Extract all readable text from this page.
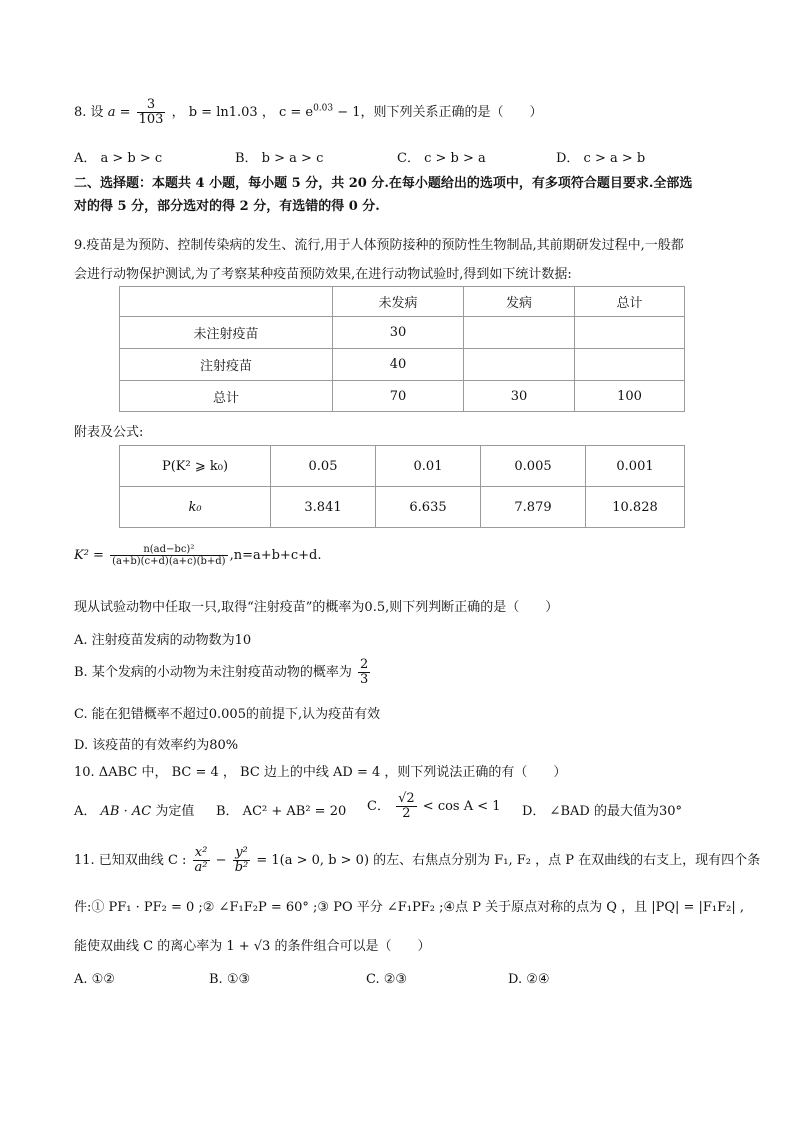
8. 设 $a = \frac{3}{103}$ ， b = ln1.03 ， $c = e^{0.03} - 1$，则下列关系正确的是（　　）
A． a > b > c	B． b > a > c	C． c > b > a	D． c > a > b
二、选择题：本题共 4 小题，每小题 5 分，共 20 分.在每小题给出的选项中，有多项符合题目要求.全部选
对的得 5 分，部分选对的得 2 分，有选错的得 0 分.
9.疫苗是为预防、控制传染病的发生、流行,用于人体预防接种的预防性生物制品,其前期研发过程中,一般都
会进行动物保护测试,为了考察某种疫苗预防效果,在进行动物试验时,得到如下统计数据:
	未发病	发病	总计
未注射疫苗	30		
注射疫苗	40		
总计	70	30	100
附表及公式:
P(K² ⩾ k₀)	0.05	0.01	0.005	0.001
k₀	3.841	6.635	7.879	10.828
$K^2 = \frac{\text{n(ad−bc)²}}{(a+b)(c+d)(a+c)(b+d)} ,n=a+b+c+d$.
现从试验动物中任取一只,取得“注射疫苗”的概率为0.5,则下列判断正确的是（　　）
A. 注射疫苗发病的动物数为10
B. 某个发病的小动物为未注射疫苗动物的概率为 $\frac{2}{3}$
C. 能在犯错概率不超过0.005的前提下,认为疫苗有效
D. 该疫苗的有效率约为80%
10. ΔABC 中， BC = 4 ， BC 边上的中线 AD = 4 ，则下列说法正确的有（　　）
A． AB · AC 为定值 B． AC² + AB² = 20 C． $\frac{√2}{2} < \cos A < 1$ D． ∠BAD 的最大值为30°
11. 已知双曲线 C : $\frac{\text{x²}}{\text{a²}} - \frac{\text{y²}}{\text{b²}} = 1(a > 0$, b > 0) 的左、右焦点分别为 F₁, F₂ ，点 P 在双曲线的右支上，现有四个条
件:① PF₁ · PF₂ = 0 ;② ∠F₁F₂P = 60° ;③ PO 平分 ∠F₁PF₂ ;④点 P 关于原点对称的点为 Q ，且 |PQ| = |F₁F₂| ,
能使双曲线 C 的离心率为 1 + √3 的条件组合可以是（　　）
A. ①②	B. ①③	C. ②③	D. ②④
